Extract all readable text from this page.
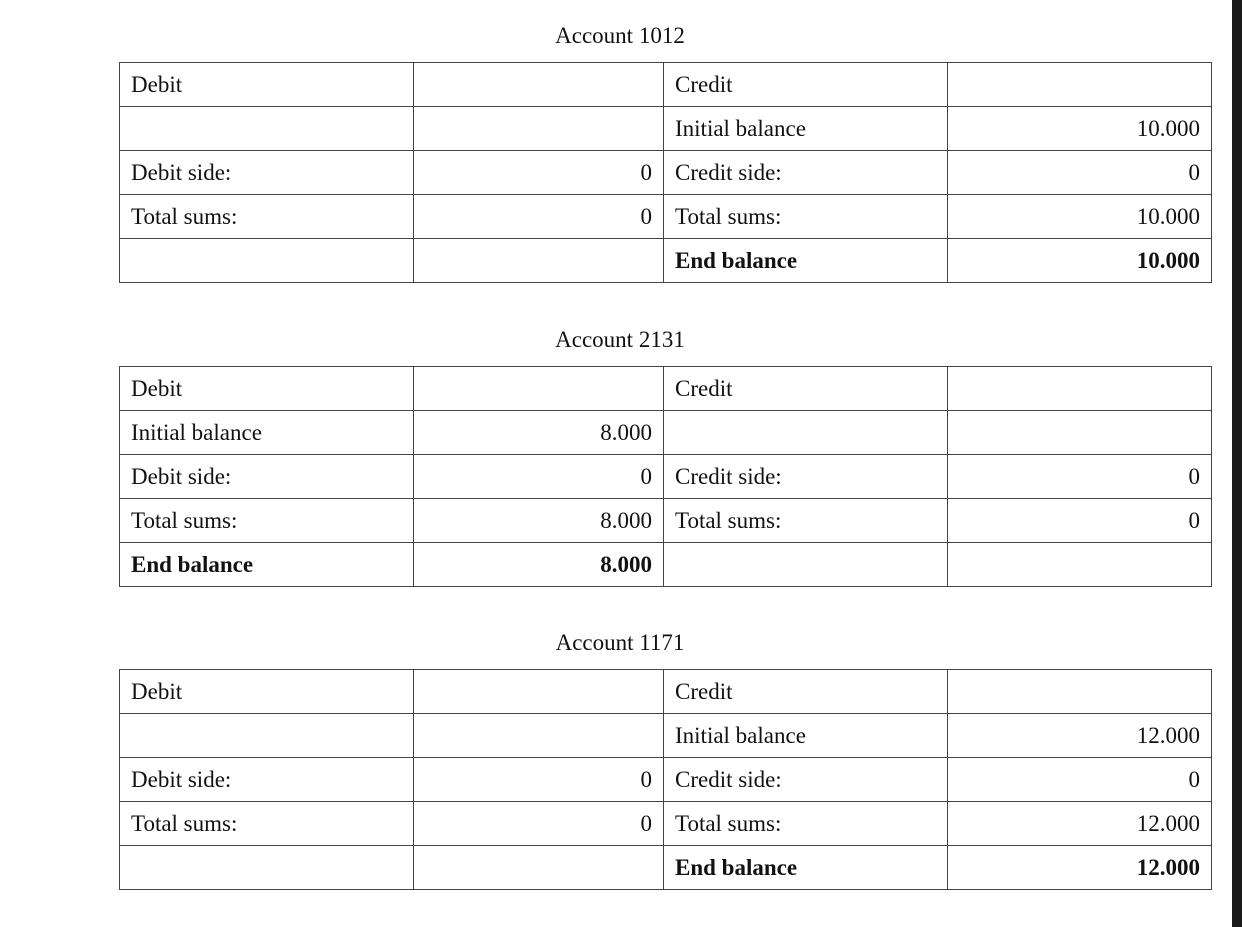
Account 1012
Debit		Credit	
		Initial balance	10.000
Debit side:	0	Credit side:	0
Total sums:	0	Total sums:	10.000
		End balance	10.000
Account 2131
Debit		Credit	
Initial balance	8.000		
Debit side:	0	Credit side:	0
Total sums:	8.000	Total sums:	0
End balance	8.000		
Account 1171
Debit		Credit	
		Initial balance	12.000
Debit side:	0	Credit side:	0
Total sums:	0	Total sums:	12.000
		End balance	12.000
